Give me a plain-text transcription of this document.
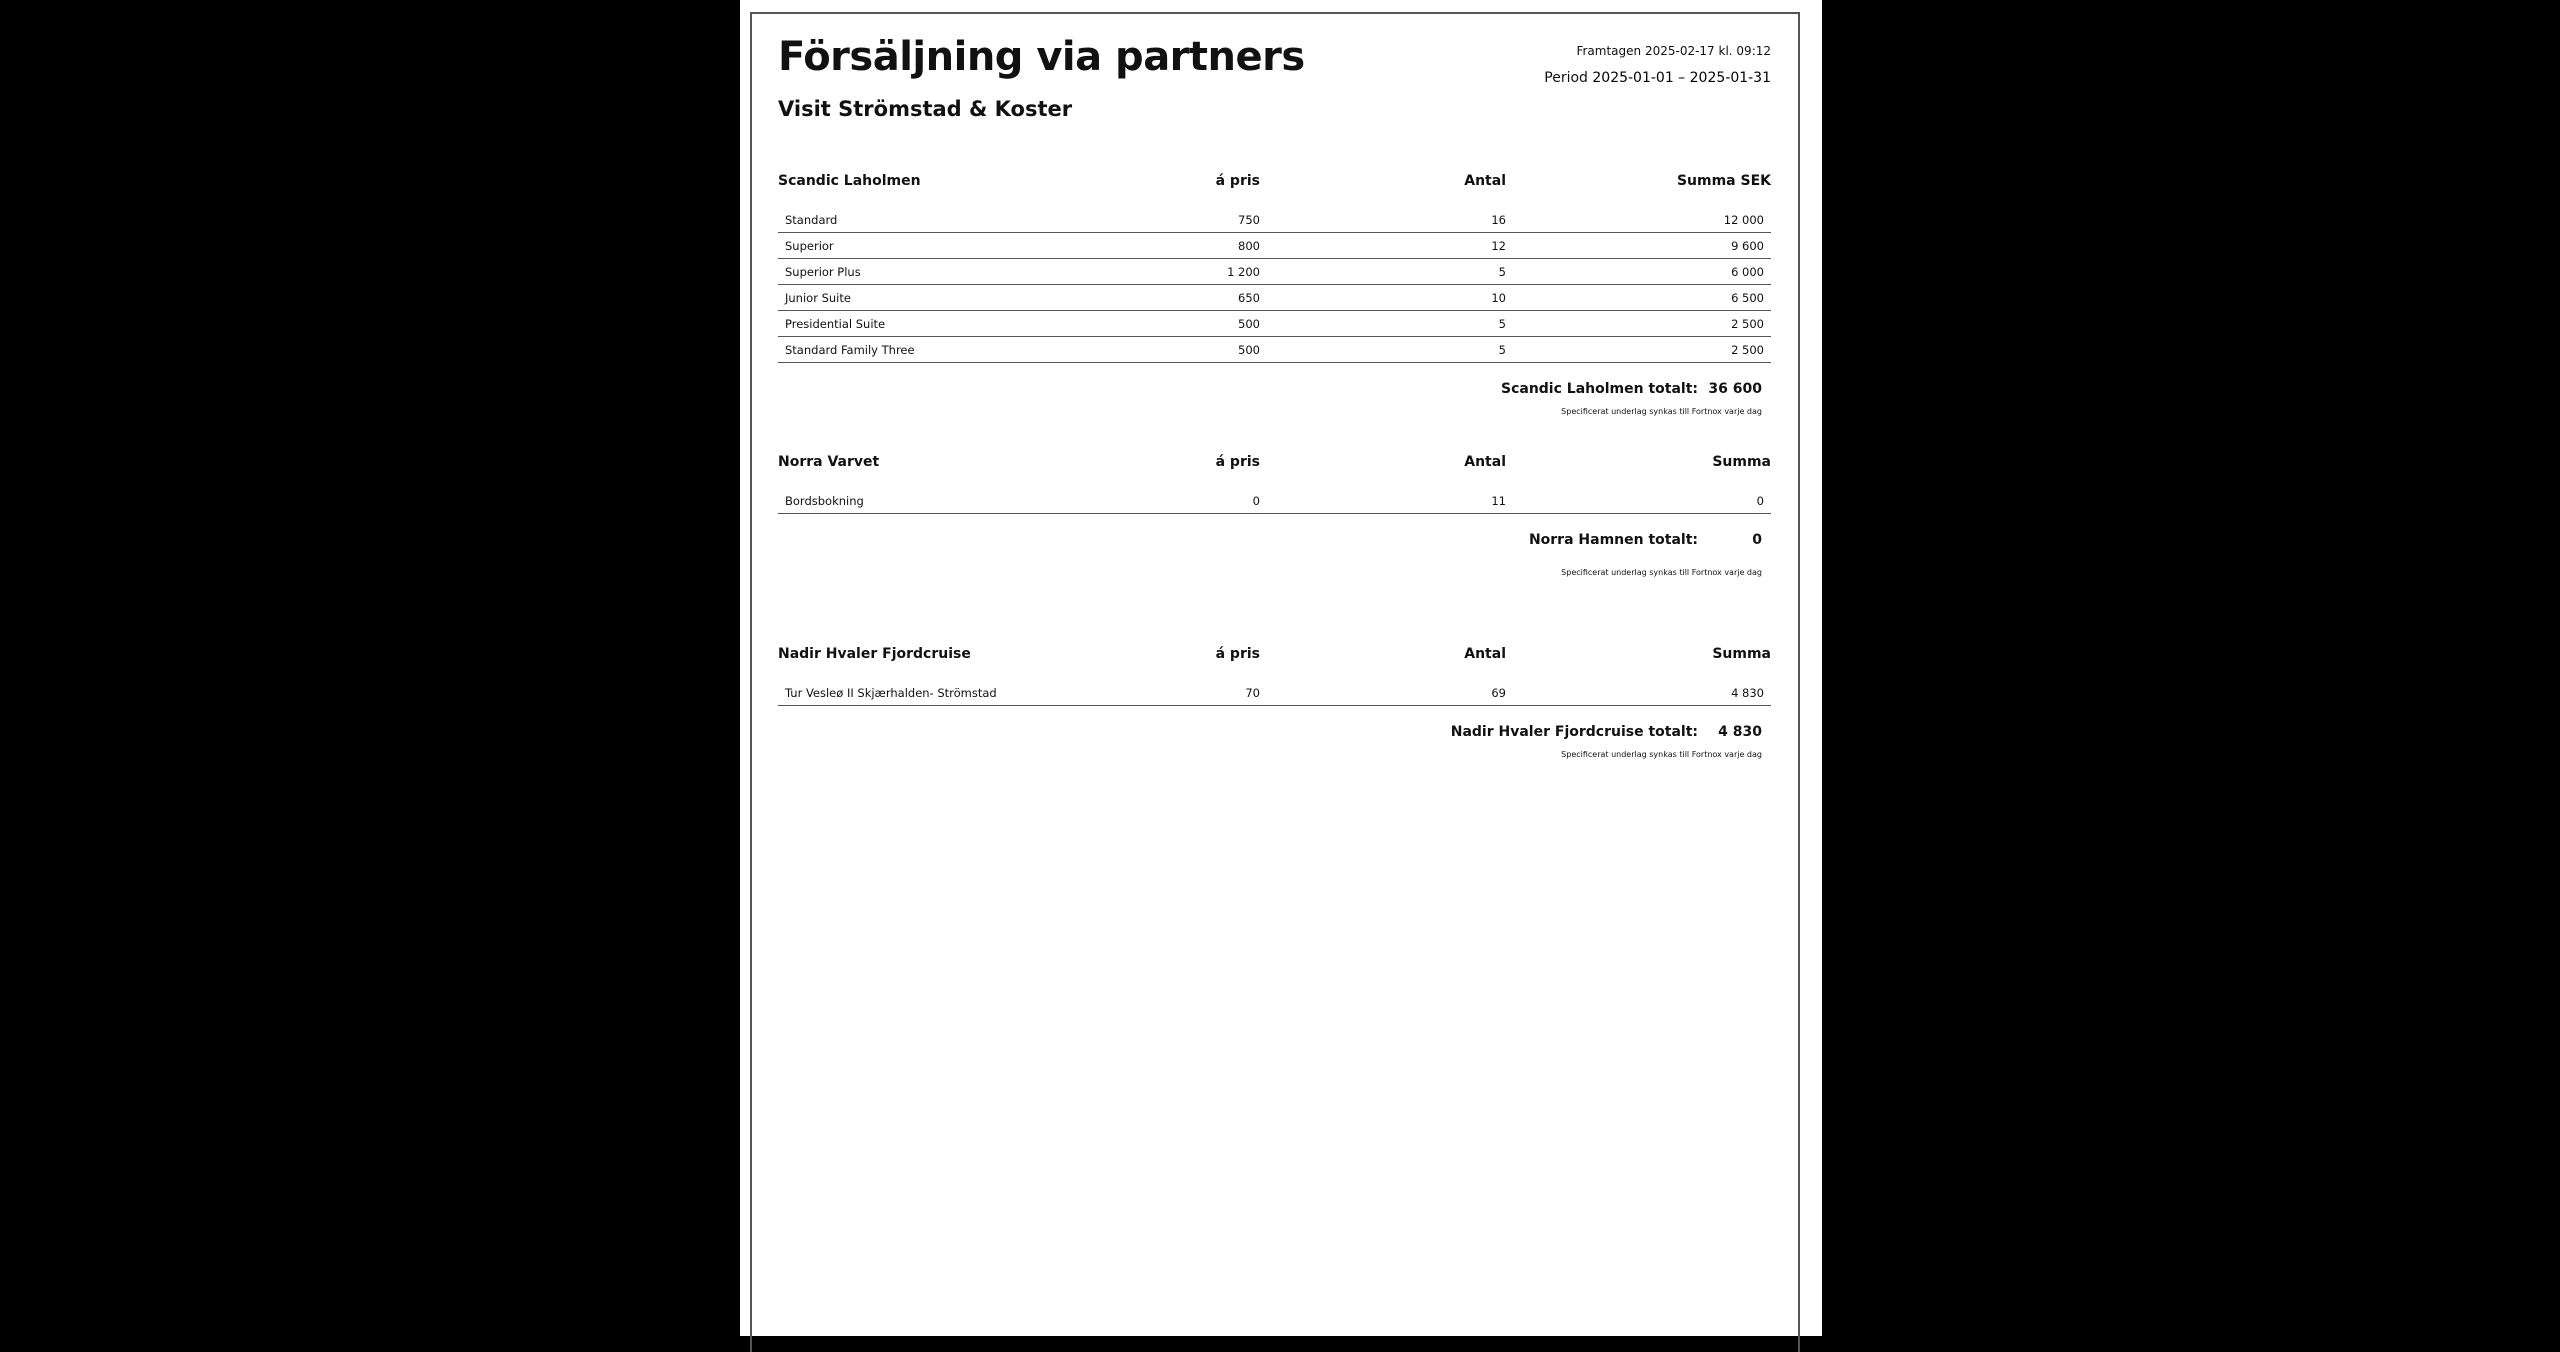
Försäljning via partners
Visit Strömstad & Koster
Framtagen 2025-02-17 kl. 09:12
Period 2025-01-01 – 2025-01-31
Scandic Laholmen	á pris	Antal	Summa SEK
Standard	750	16	12 000
Superior	800	12	9 600
Superior Plus	1 200	5	6 000
Junior Suite	650	10	6 500
Presidential Suite	500	5	2 500
Standard Family Three	500	5	2 500
Scandic Laholmen totalt: 36 600
Specificerat underlag synkas till Fortnox varje dag
Norra Varvet	á pris	Antal	Summa
Bordsbokning	0	11	0
Norra Hamnen totalt:	0
Specificerat underlag synkas till Fortnox varje dag
Nadir Hvaler Fjordcruise	á pris	Antal	Summa
Tur Vesleø II Skjærhalden- Strömstad	70	69	4 830
Nadir Hvaler Fjordcruise totalt: 4 830
Specificerat underlag synkas till Fortnox varje dag
